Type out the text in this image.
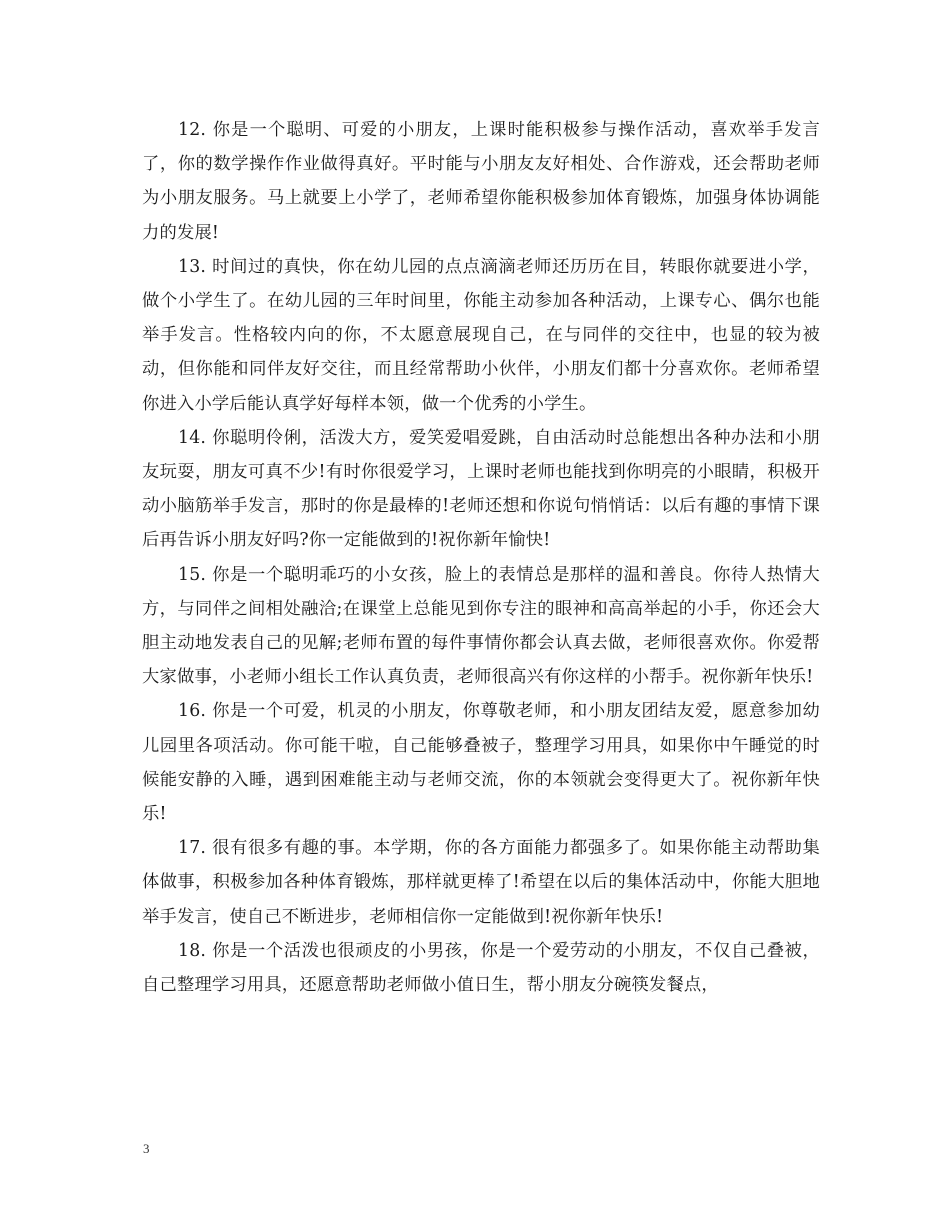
12. 你是一个聪明、可爱的小朋友，上课时能积极参与操作活动，喜欢举手发言了，你的数学操作作业做得真好。平时能与小朋友友好相处、合作游戏，还会帮助老师为小朋友服务。马上就要上小学了，老师希望你能积极参加体育锻炼，加强身体协调能力的发展!

13. 时间过的真快，你在幼儿园的点点滴滴老师还历历在目，转眼你就要进小学，做个小学生了。在幼儿园的三年时间里，你能主动参加各种活动，上课专心、偶尔也能举手发言。性格较内向的你，不太愿意展现自己，在与同伴的交往中，也显的较为被动，但你能和同伴友好交往，而且经常帮助小伙伴，小朋友们都十分喜欢你。老师希望你进入小学后能认真学好每样本领，做一个优秀的小学生。

14. 你聪明伶俐，活泼大方，爱笑爱唱爱跳，自由活动时总能想出各种办法和小朋友玩耍，朋友可真不少!有时你很爱学习，上课时老师也能找到你明亮的小眼睛，积极开动小脑筋举手发言，那时的你是最棒的!老师还想和你说句悄悄话：以后有趣的事情下课后再告诉小朋友好吗?你一定能做到的!祝你新年愉快!

15. 你是一个聪明乖巧的小女孩，脸上的表情总是那样的温和善良。你待人热情大方，与同伴之间相处融洽;在课堂上总能见到你专注的眼神和高高举起的小手，你还会大胆主动地发表自己的见解;老师布置的每件事情你都会认真去做，老师很喜欢你。你爱帮大家做事，小老师小组长工作认真负责，老师很高兴有你这样的小帮手。祝你新年快乐!

16. 你是一个可爱，机灵的小朋友，你尊敬老师，和小朋友团结友爱，愿意参加幼儿园里各项活动。你可能干啦，自己能够叠被子，整理学习用具，如果你中午睡觉的时候能安静的入睡，遇到困难能主动与老师交流，你的本领就会变得更大了。祝你新年快乐!

17. 很有很多有趣的事。本学期，你的各方面能力都强多了。如果你能主动帮助集体做事，积极参加各种体育锻炼，那样就更棒了!希望在以后的集体活动中，你能大胆地举手发言，使自己不断进步，老师相信你一定能做到!祝你新年快乐!

18. 你是一个活泼也很顽皮的小男孩，你是一个爱劳动的小朋友，不仅自己叠被，自己整理学习用具，还愿意帮助老师做小值日生，帮小朋友分碗筷发餐点，

3
